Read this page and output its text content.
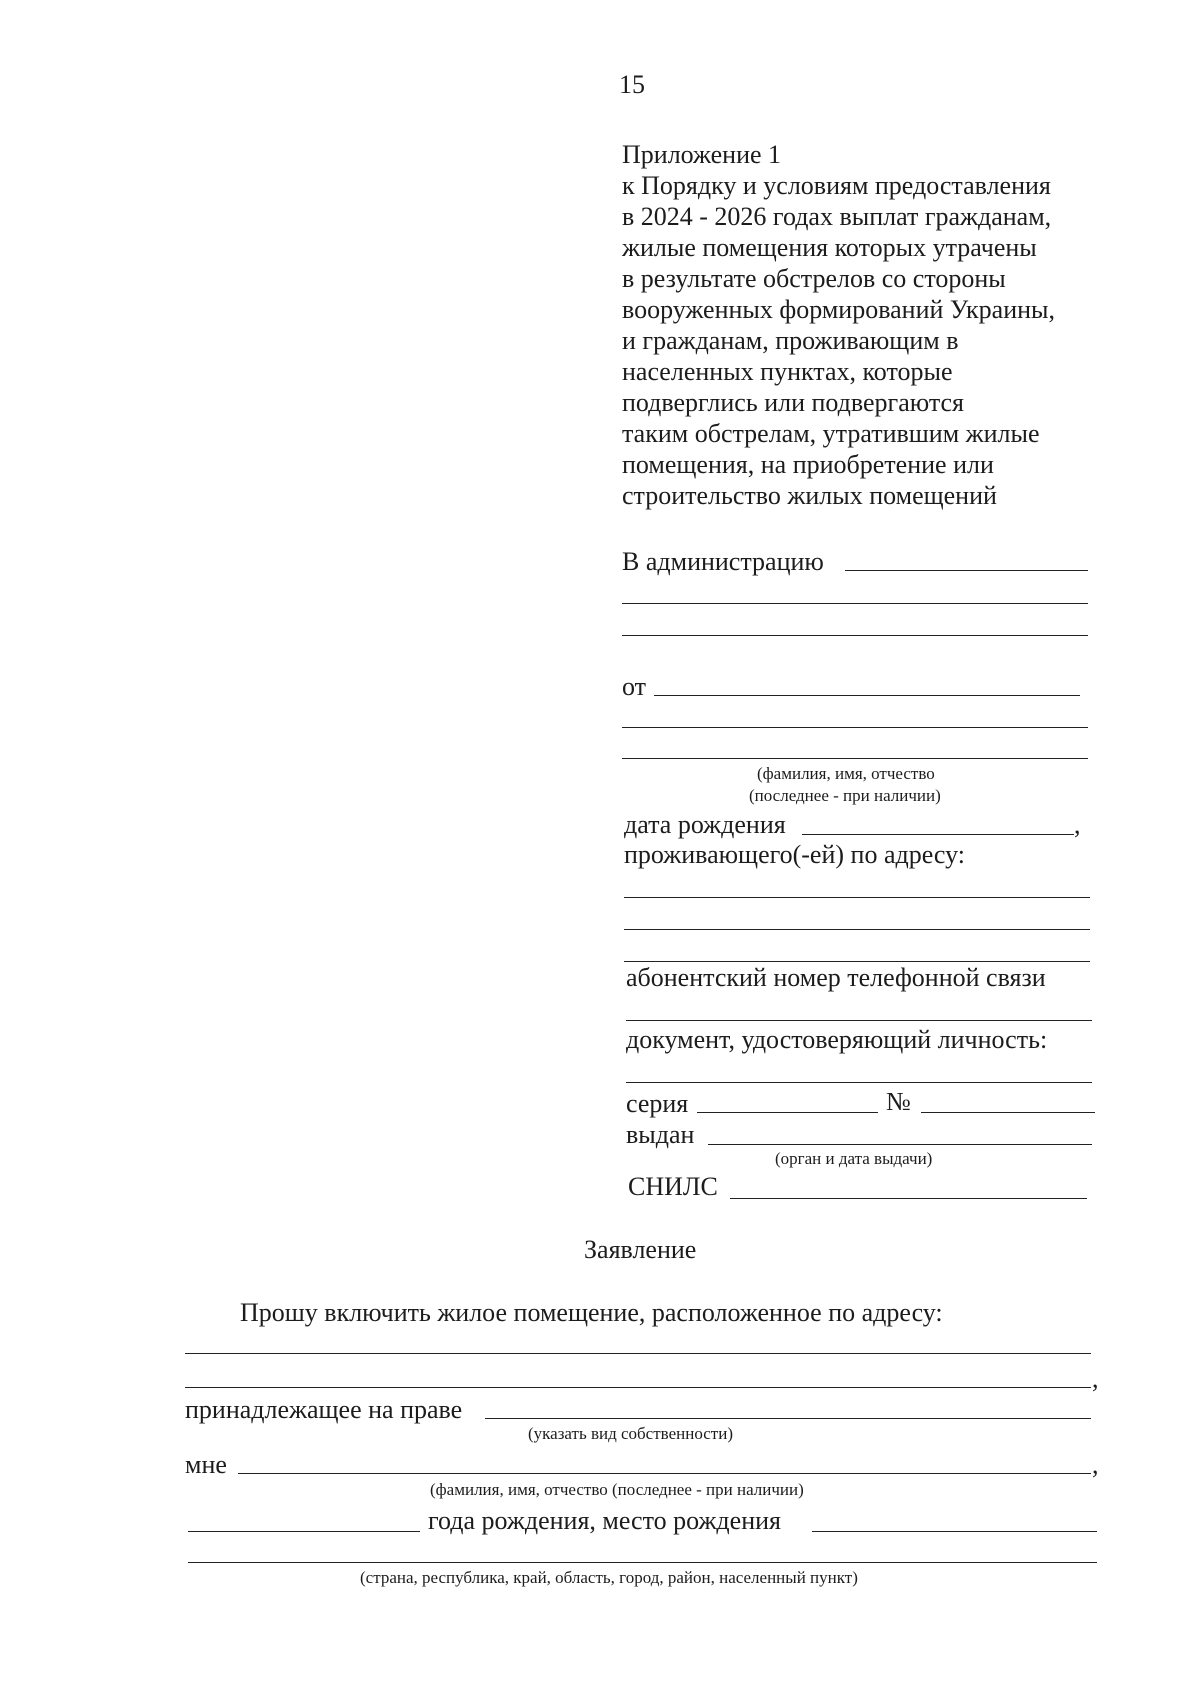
15
Приложение 1
к Порядку и условиям предоставления
в 2024 - 2026 годах выплат гражданам,
жилые помещения которых утрачены
в результате обстрелов со стороны
вооруженных формирований Украины,
и гражданам, проживающим в
населенных пунктах, которые
подверглись или подвергаются
таким обстрелам, утратившим жилые
помещения, на приобретение или
строительство жилых помещений
В администрацию
от
(фамилия, имя, отчество
(последнее - при наличии)
дата рождения	,
проживающего(-ей) по адресу:
абонентский номер телефонной связи
документ, удостоверяющий личность:
серия	№
выдан
(орган и дата выдачи)
СНИЛС
Заявление
Прошу включить жилое помещение, расположенное по адресу:
,
принадлежащее на праве
(указать вид собственности)
мне	,
(фамилия, имя, отчество (последнее - при наличии)
года рождения, место рождения
(страна, республика, край, область, город, район, населенный пункт)
